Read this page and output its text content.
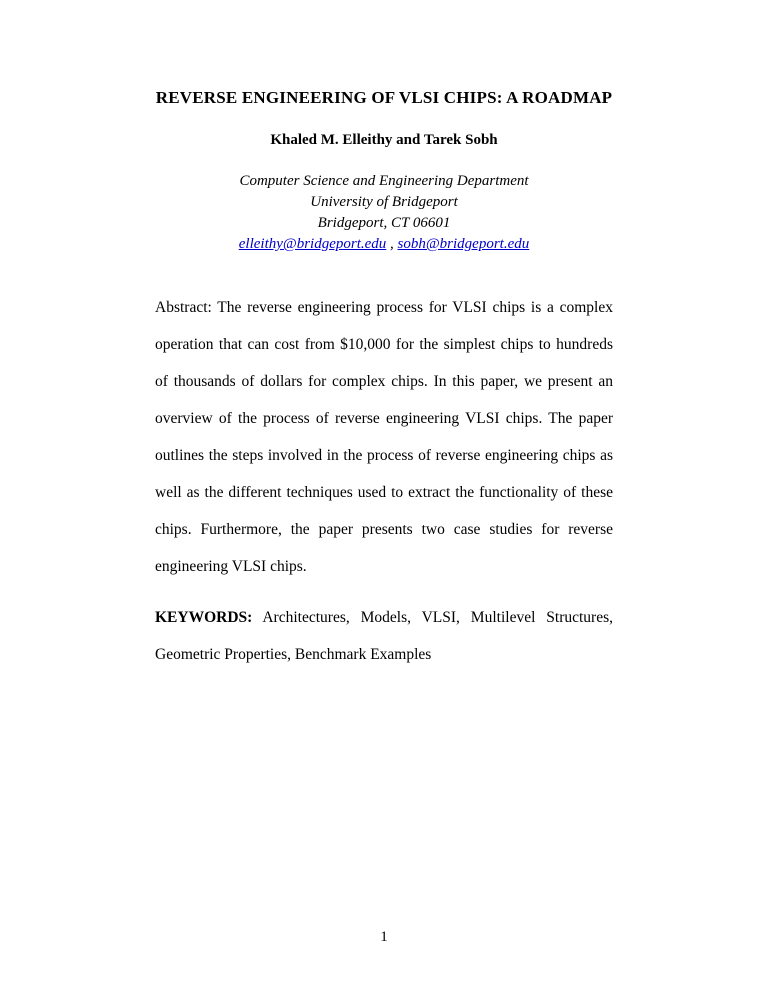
REVERSE ENGINEERING OF VLSI CHIPS: A ROADMAP

Khaled M. Elleithy and Tarek Sobh

Computer Science and Engineering Department
University of Bridgeport
Bridgeport, CT 06601
elleithy@bridgeport.edu , sobh@bridgeport.edu

Abstract: The reverse engineering process for VLSI chips is a complex operation that can cost from $10,000 for the simplest chips to hundreds of thousands of dollars for complex chips. In this paper, we present an overview of the process of reverse engineering VLSI chips. The paper outlines the steps involved in the process of reverse engineering chips as well as the different techniques used to extract the functionality of these chips. Furthermore, the paper presents two case studies for reverse engineering VLSI chips.

KEYWORDS: Architectures, Models, VLSI, Multilevel Structures, Geometric Properties, Benchmark Examples

1
